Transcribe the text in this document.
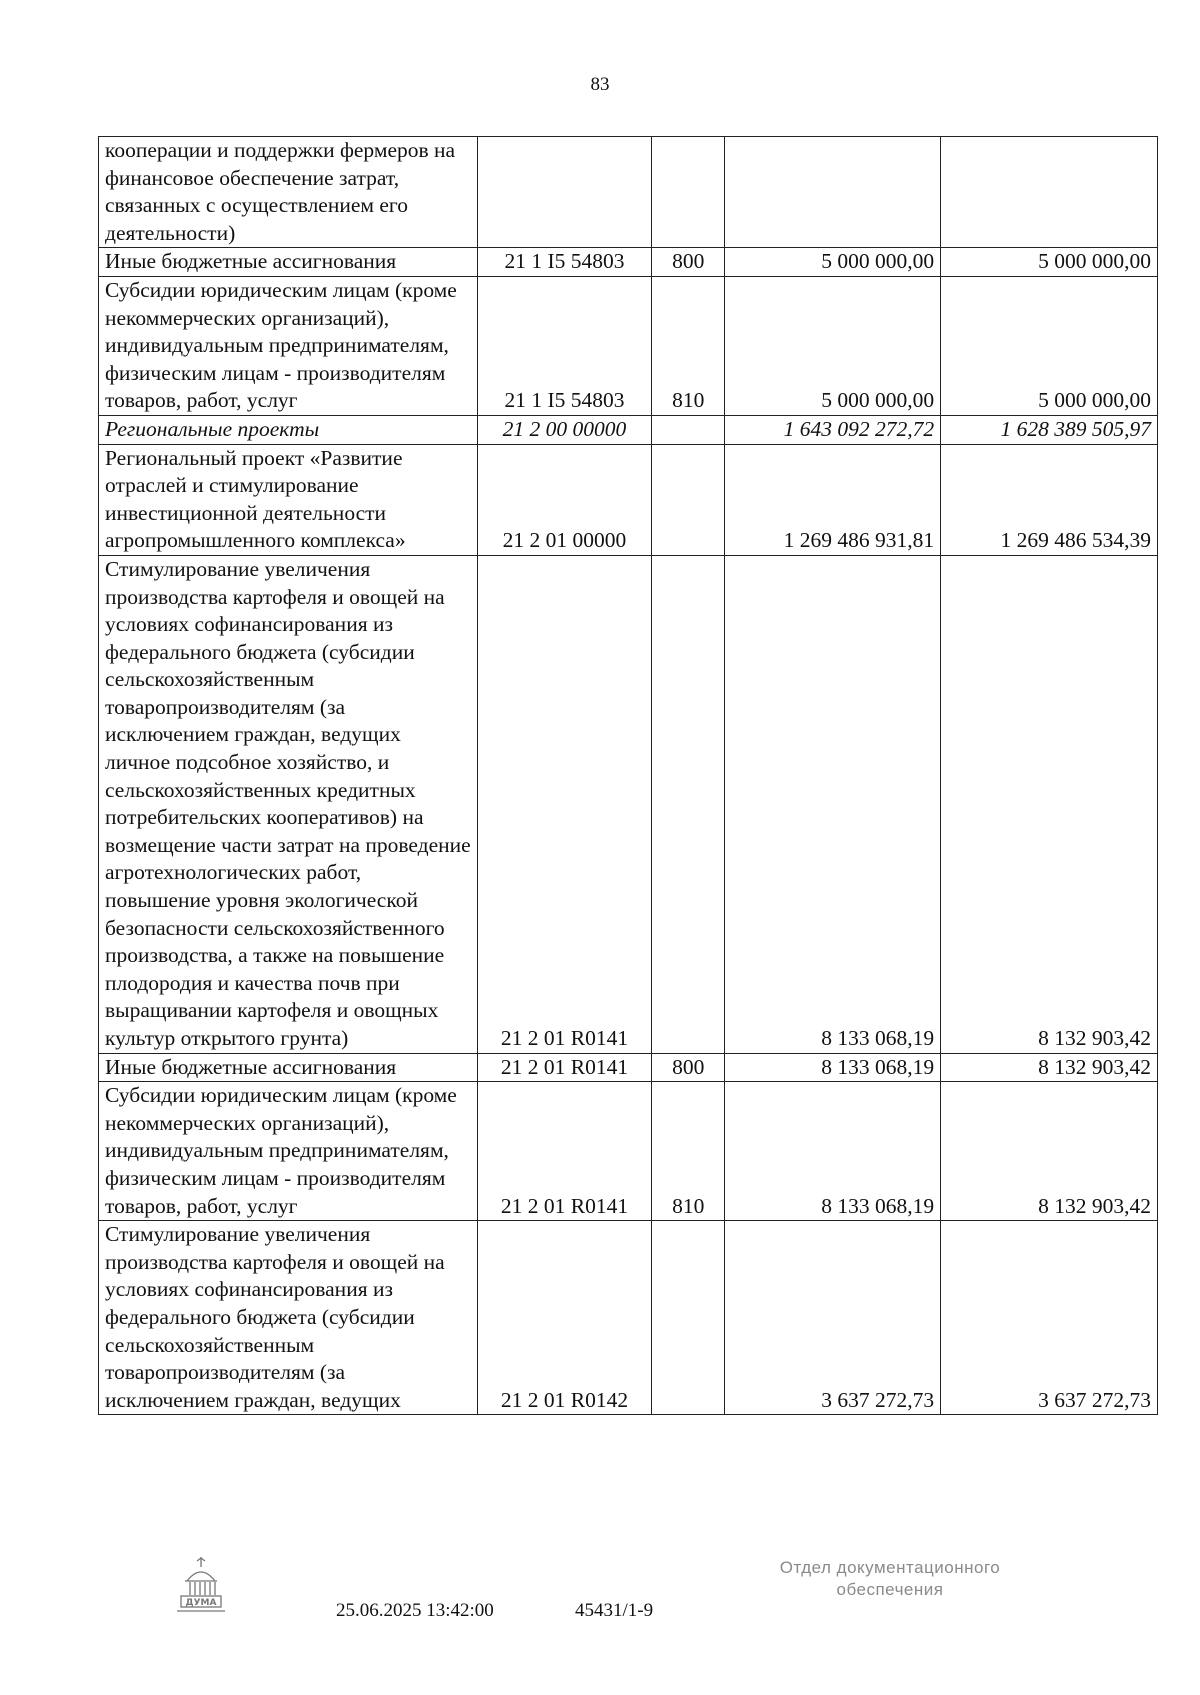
83
кооперации и поддержки фермеров на финансовое обеспечение затрат, связанных с осуществлением его деятельности)				
Иные бюджетные ассигнования	21 1 I5 54803	800	5 000 000,00	5 000 000,00
Субсидии юридическим лицам (кроме некоммерческих организаций), индивидуальным предпринимателям, физическим лицам - производителям товаров, работ, услуг	21 1 I5 54803	810	5 000 000,00	5 000 000,00
Региональные проекты	21 2 00 00000		1 643 092 272,72	1 628 389 505,97
Региональный проект «Развитие отраслей и стимулирование инвестиционной деятельности агропромышленного комплекса»	21 2 01 00000		1 269 486 931,81	1 269 486 534,39
Стимулирование увеличения производства картофеля и овощей на условиях софинансирования из федерального бюджета (субсидии сельскохозяйственным товаропроизводителям (за исключением граждан, ведущих личное подсобное хозяйство, и сельскохозяйственных кредитных потребительских кооперативов) на возмещение части затрат на проведение агротехнологических работ, повышение уровня экологической безопасности сельскохозяйственного производства, а также на повышение плодородия и качества почв при выращивании картофеля и овощных культур открытого грунта)	21 2 01 R0141		8 133 068,19	8 132 903,42
Иные бюджетные ассигнования	21 2 01 R0141	800	8 133 068,19	8 132 903,42
Субсидии юридическим лицам (кроме некоммерческих организаций), индивидуальным предпринимателям, физическим лицам - производителям товаров, работ, услуг	21 2 01 R0141	810	8 133 068,19	8 132 903,42
Стимулирование увеличения производства картофеля и овощей на условиях софинансирования из федерального бюджета (субсидии сельскохозяйственным товаропроизводителям (за исключением граждан, ведущих	21 2 01 R0142		3 637 272,73	3 637 272,73
ДУМА	25.06.2025 13:42:00	45431/1-9
Отдел документационного
обеспечения
